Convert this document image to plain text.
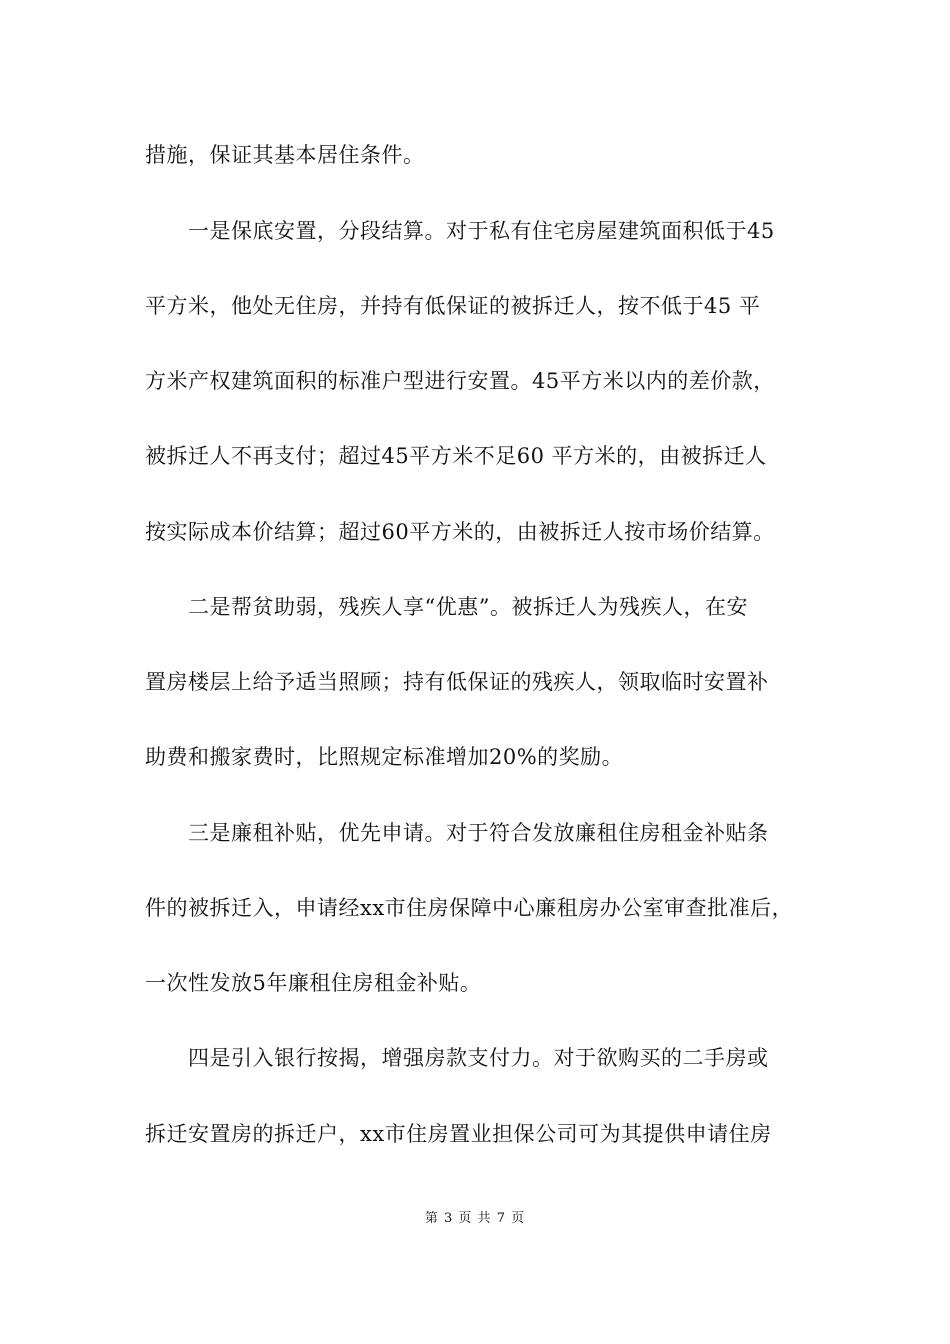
措施，保证其基本居住条件。
　　一是保底安置，分段结算。对于私有住宅房屋建筑面积低于45
平方米，他处无住房，并持有低保证的被拆迁人，按不低于45 平
方米产权建筑面积的标准户型进行安置。45平方米以内的差价款，
被拆迁人不再支付；超过45平方米不足60 平方米的，由被拆迁人
按实际成本价结算；超过60平方米的，由被拆迁人按市场价结算。
　　二是帮贫助弱，残疾人享“优惠”。被拆迁人为残疾人，在安
置房楼层上给予适当照顾；持有低保证的残疾人，领取临时安置补
助费和搬家费时，比照规定标准增加20%的奖励。
　　三是廉租补贴，优先申请。对于符合发放廉租住房租金补贴条
件的被拆迁入，申请经xx市住房保障中心廉租房办公室审查批准后，
一次性发放5年廉租住房租金补贴。
　　四是引入银行按揭，增强房款支付力。对于欲购买的二手房或
拆迁安置房的拆迁户，xx市住房置业担保公司可为其提供申请住房
第 3 页 共 7 页
